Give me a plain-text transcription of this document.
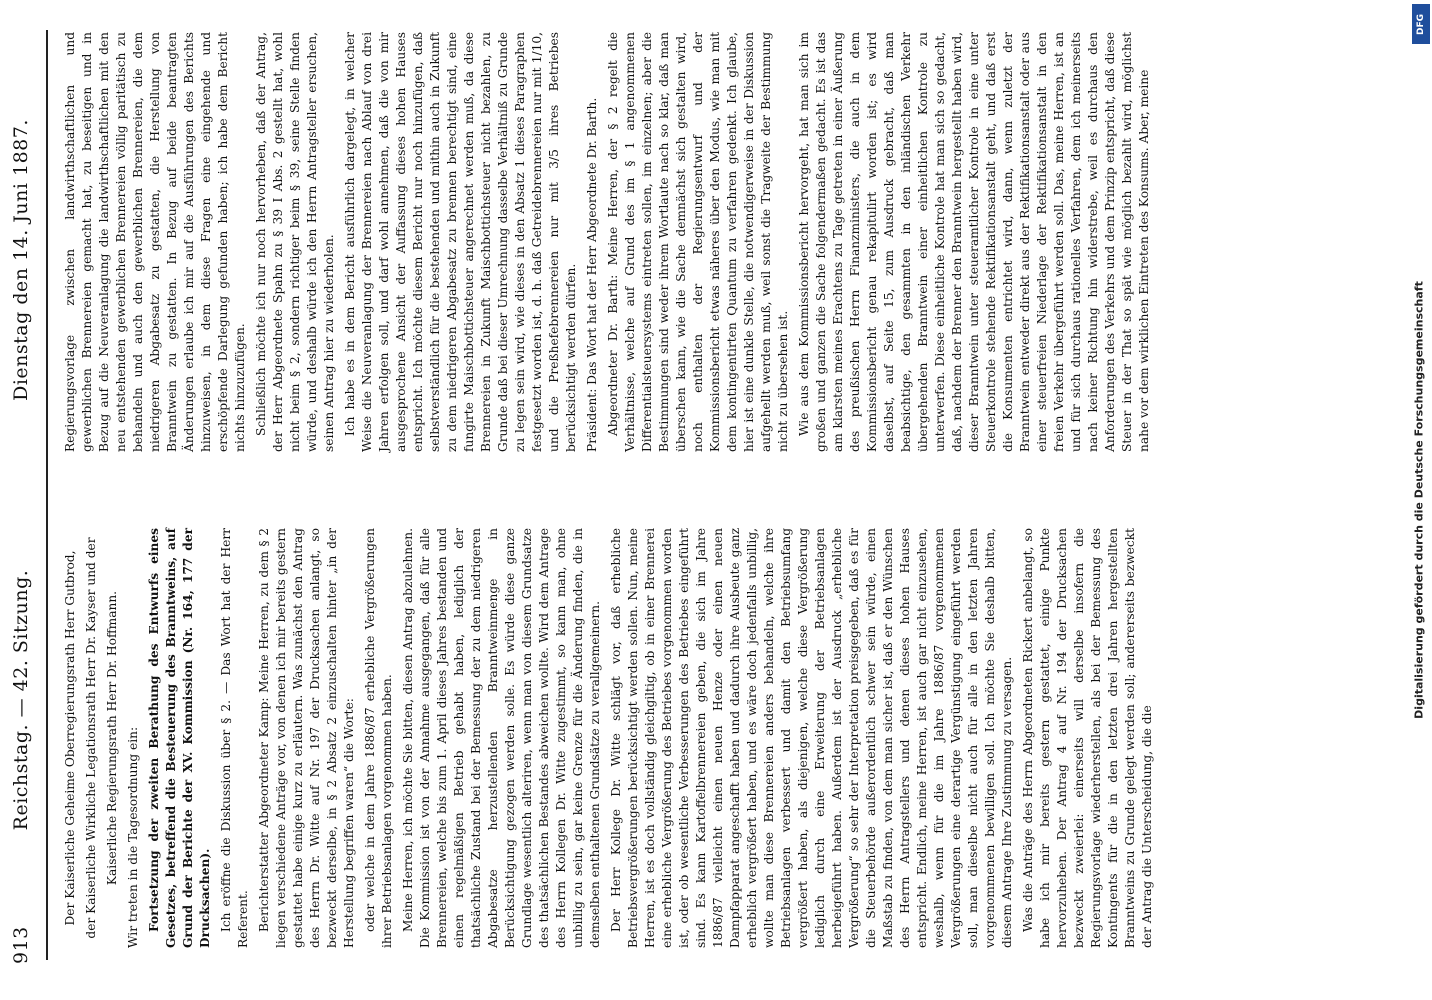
913
Reichstag. — 42. Sitzung.
Dienstag den 14. Juni 1887.

Der Kaiserliche Geheime Oberregierungsrath Herr Gutbrod, der Kaiserliche Wirkliche Legationsrath Herr Dr. Kayser und der Kaiserliche Regierungsrath Herr Dr. Hoffmann. Wir treten in die Tagesordnung ein: Fortsetzung der zweiten Berathung des Entwurfs eines Gesetzes, betreffend die Besteuerung des Branntweins, auf Grund der Berichte der XV. Kommission (Nr. 164, 177 der Drucksachen). Ich eröffne die Diskussion über § 2. — Das Wort hat der Herr Referent. Berichterstatter Abgeordneter Kamp: Meine Herren, zu dem § 2 liegen verschiedene Anträge vor, von denen ich mir bereits gestern gestattet habe einige kurz zu erläutern. Was zunächst den Antrag des Herrn Dr. Witte auf Nr. 197 der Drucksachen anlangt, so bezweckt derselbe, in § 2 Absatz 2 einzuschalten hinter „in der Herstellung begriffen waren“ die Worte: oder welche in dem Jahre 1886/87 erhebliche Vergrößerungen ihrer Betriebsanlagen vorgenommen haben. Meine Herren, ich möchte Sie bitten, diesen Antrag abzulehnen. Die Kommission ist von der Annahme ausgegangen, daß für alle Brennereien, welche bis zum 1. April dieses Jahres bestanden und einen regelmäßigen Betrieb gehabt haben, lediglich der thatsächliche Zustand bei der Bemessung der zu dem niedrigeren Abgabesatze herzustellenden Branntweinmenge in Berücksichtigung gezogen werden solle. Es würde diese ganze Grundlage wesentlich alteriren, wenn man von diesem Grundsatze des thatsächlichen Bestandes abweichen wollte. Wird dem Antrage des Herrn Kollegen Dr. Witte zugestimmt, so kann man, ohne unbillig zu sein, gar keine Grenze für die Änderung finden, die in demselben enthaltenen Grundsätze zu verallgemeinern. Der Herr Kollege Dr. Witte schlägt vor, daß erhebliche Betriebsvergrößerungen berücksichtigt werden sollen. Nun, meine Herren, ist es doch vollständig gleichgiltig, ob in einer Brennerei eine erhebliche Vergrößerung des Betriebes vorgenommen worden ist, oder ob wesentliche Verbesserungen des Betriebes eingeführt sind. Es kann Kartoffelbrennereien geben, die sich im Jahre 1886/87 vielleicht einen neuen Henze oder einen neuen Dampfapparat angeschafft haben und dadurch ihre Ausbeute ganz erheblich vergrößert haben, und es wäre doch jedenfalls unbillig, wollte man diese Brennereien anders behandeln, welche ihre Betriebsanlagen verbessert und damit den Betriebsumfang vergrößert haben, als diejenigen, welche diese Vergrößerung lediglich durch eine Erweiterung der Betriebsanlagen herbeigeführt haben. Außerdem ist der Ausdruck „erhebliche Vergrößerung“ so sehr der Interpretation preisgegeben, daß es für die Steuerbehörde außerordentlich schwer sein würde, einen Maßstab zu finden, von dem man sicher ist, daß er den Wünschen des Herrn Antragstellers und denen dieses hohen Hauses entspricht. Endlich, meine Herren, ist auch gar nicht einzusehen, weshalb, wenn für die im Jahre 1886/87 vorgenommenen Vergrößerungen eine derartige Vergünstigung eingeführt werden soll, man dieselbe nicht auch für alle in den letzten Jahren vorgenommenen bewilligen soll. Ich möchte Sie deshalb bitten, diesem Antrage Ihre Zustimmung zu versagen. Was die Anträge des Herrn Abgeordneten Rickert anbelangt, so habe ich mir bereits gestern gestattet, einige Punkte hervorzuheben. Der Antrag 4 auf Nr. 194 der Drucksachen bezweckt zweierlei: einerseits will derselbe insofern die Regierungsvorlage wiederherstellen, als bei der Bemessung des Kontingents für die in den letzten drei Jahren hergestellten Branntweins zu Grunde gelegt werden soll; andererseits bezweckt der Antrag die Unterscheidung, die die

Regierungsvorlage zwischen landwirthschaftlichen und gewerblichen Brennereien gemacht hat, zu beseitigen und in Bezug auf die Neuveranlagung die landwirthschaftlichen mit den neu entstehenden gewerblichen Brennereien völlig paritätisch zu behandeln und auch den gewerblichen Brennereien, die dem niedrigeren Abgabesatz zu gestatten, die Herstellung von Branntwein zu gestatten. In Bezug auf beide beantragten Änderungen erlaube ich mir auf die Ausführungen des Berichts hinzuweisen, in dem diese Fragen eine eingehende und erschöpfende Darlegung gefunden haben; ich habe dem Bericht nichts hinzuzufügen. Schließlich möchte ich nur noch hervorheben, daß der Antrag, der Herr Abgeordnete Spahn zu § 39 I Abs. 2 gestellt hat, wohl nicht beim § 2, sondern richtiger beim § 39, seine Stelle finden würde, und deshalb würde ich den Herrn Antragsteller ersuchen, seinen Antrag hier zu wiederholen. Ich habe es in dem Bericht ausführlich dargelegt, in welcher Weise die Neuveranlagung der Brennereien nach Ablauf von drei Jahren erfolgen soll, und darf wohl annehmen, daß die von mir ausgesprochene Ansicht der Auffassung dieses hohen Hauses entspricht. Ich möchte diesem Bericht nur noch hinzufügen, daß selbstverständlich für die bestehenden und mithin auch in Zukunft zu dem niedrigeren Abgabesatz zu brennen berechtigt sind, eine fungirte Maischbottichsteuer angerechnet werden muß, da diese Brennereien in Zukunft Maischbottichsteuer nicht bezahlen, zu Grunde daß bei dieser Umrechnung dasselbe Verhältniß zu Grunde zu legen sein wird, wie dieses in den Absatz 1 dieses Paragraphen festgesetzt worden ist, d. h. daß Getreidebrennereien nur mit 1/10, und die Preßhefebrennereien nur mit 3/5 ihres Betriebes berücksichtigt werden dürfen. Präsident: Das Wort hat der Herr Abgeordnete Dr. Barth. Abgeordneter Dr. Barth: Meine Herren, der § 2 regelt die Verhältnisse, welche auf Grund des im § 1 angenommenen Differentialsteuersystems eintreten sollen, im einzelnen; aber die Bestimmungen sind weder ihrem Wortlaute nach so klar, daß man überschen kann, wie die Sache demnächst sich gestalten wird, noch enthalten der Regierungsentwurf und der Kommissionsbericht etwas näheres über den Modus, wie man mit dem kontingentirten Quantum zu verfahren gedenkt. Ich glaube, hier ist eine dunkle Stelle, die notwendigerweise in der Diskussion aufgehellt werden muß, weil sonst die Tragweite der Bestimmung nicht zu übersehen ist. Wie aus dem Kommissionsbericht hervorgeht, hat man sich im großen und ganzen die Sache folgendermaßen gedacht. Es ist das am klarsten meines Erachtens zu Tage getreten in einer Äußerung des preußischen Herrn Finanzministers, die auch in dem Kommissionsbericht genau rekapitulirt worden ist; es wird daselbst, auf Seite 15, zum Ausdruck gebracht, daß man beabsichtige, den gesammten in den inländischen Verkehr übergehenden Branntwein einer einheitlichen Kontrole zu unterwerfen. Diese einheitliche Kontrole hat man sich so gedacht, daß, nachdem der Brenner den Branntwein hergestellt haben wird, dieser Branntwein unter steueramtlicher Kontrole in eine unter Steuerkontrole stehende Rektifikationsanstalt geht, und daß erst die Konsumenten entrichtet wird, dann, wenn zuletzt der Branntwein entweder direkt aus der Rektifikationsanstalt oder aus einer steuerfreien Niederlage der Rektifikationsanstalt in den freien Verkehr übergeführt werden soll. Das, meine Herren, ist an und für sich durchaus rationelles Verfahren, dem ich meinerseits nach keiner Richtung hin widerstrebe, weil es durchaus den Anforderungen des Verkehrs und dem Prinzip entspricht, daß diese Steuer in der That so spät wie möglich bezahlt wird, möglichst nahe vor dem wirklichen Eintreten des Konsums. Aber, meine

DFG
Digitalisierung gefördert durch die Deutsche Forschungsgemeinschaft
